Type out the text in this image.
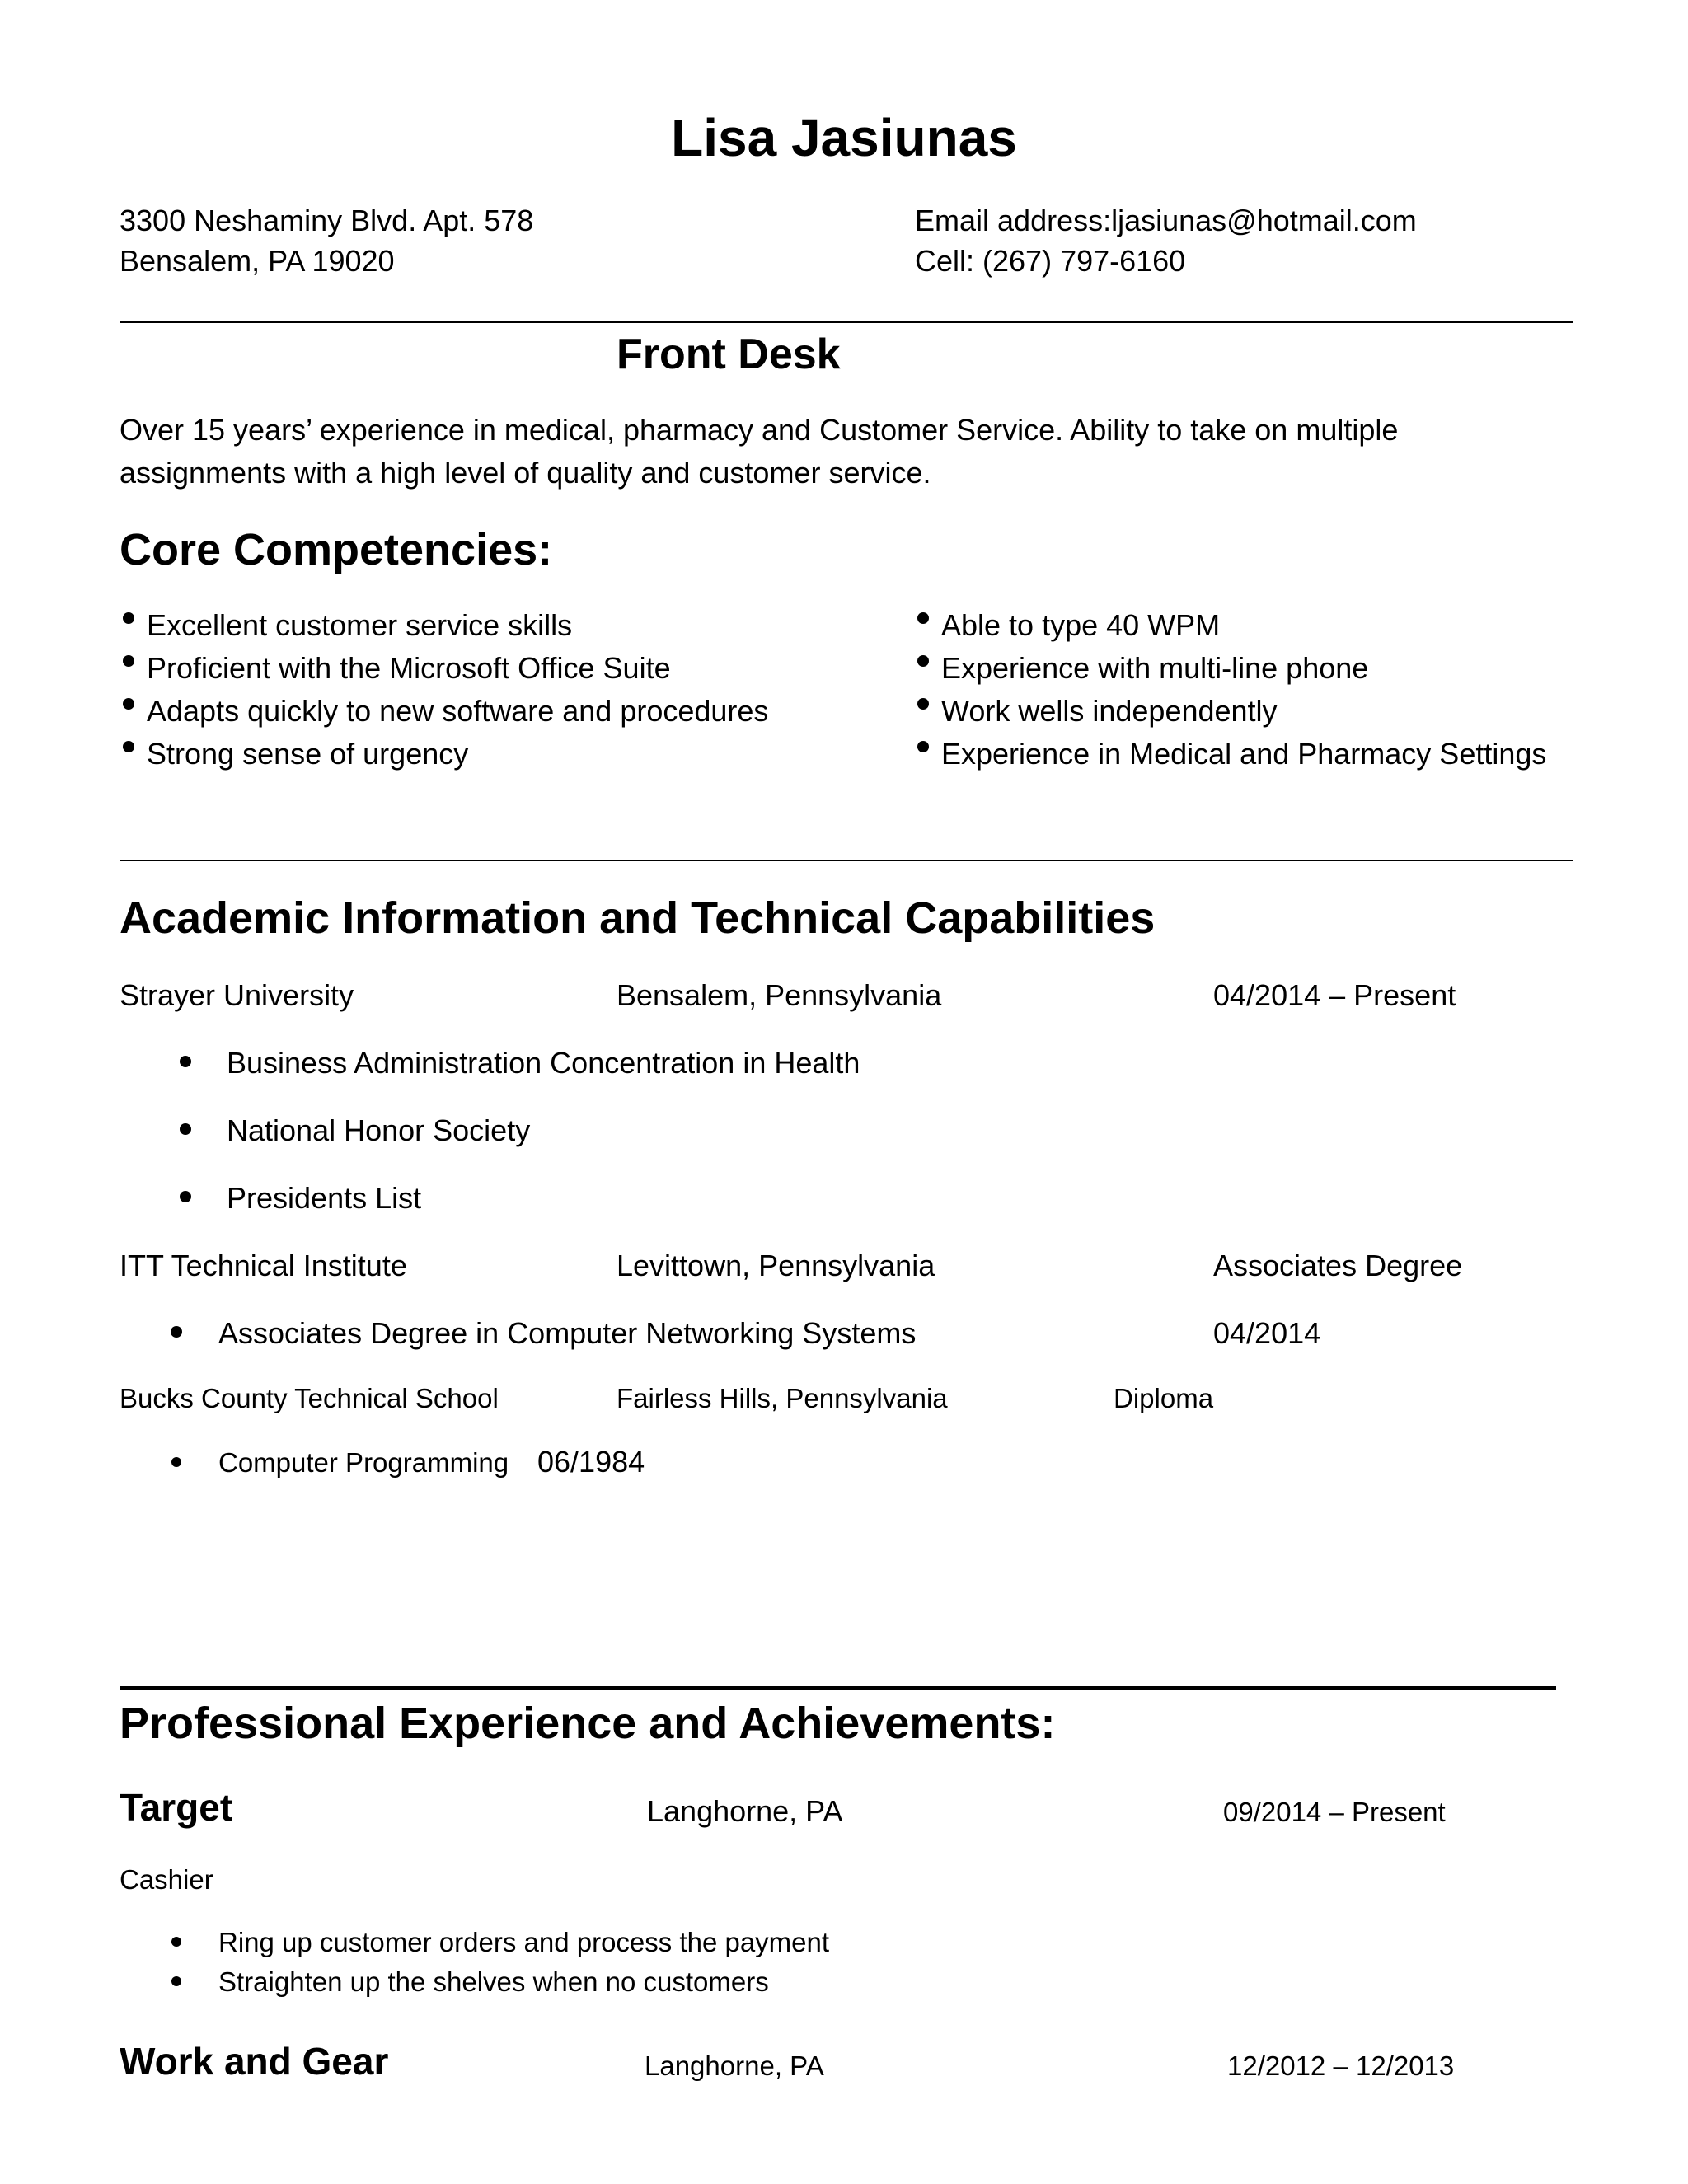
Lisa Jasiunas
3300 Neshaminy Blvd. Apt. 578
Bensalem, PA 19020
Email address:ljasiunas@hotmail.com
Cell: (267) 797-6160
Front Desk
Over 15 years’ experience in medical, pharmacy and Customer Service. Ability to take on multiple
assignments with a high level of quality and customer service.
Core Competencies:
Excellent customer service skills
Proficient with the Microsoft Office Suite
Adapts quickly to new software and procedures
Strong sense of urgency
Able to type 40 WPM
Experience with multi-line phone
Work wells independently
Experience in Medical and Pharmacy Settings
Academic Information and Technical Capabilities
Strayer University	Bensalem, Pennsylvania	04/2014 – Present
Business Administration Concentration in Health
National Honor Society
Presidents List
ITT Technical Institute	Levittown, Pennsylvania	Associates Degree
Associates Degree in Computer Networking Systems	04/2014
Bucks County Technical School	Fairless Hills, Pennsylvania	Diploma
Computer Programming 06/1984
Professional Experience and Achievements:
Target	Langhorne, PA	09/2014 – Present
Cashier
Ring up customer orders and process the payment
Straighten up the shelves when no customers
Work and Gear	Langhorne, PA	12/2012 – 12/2013
